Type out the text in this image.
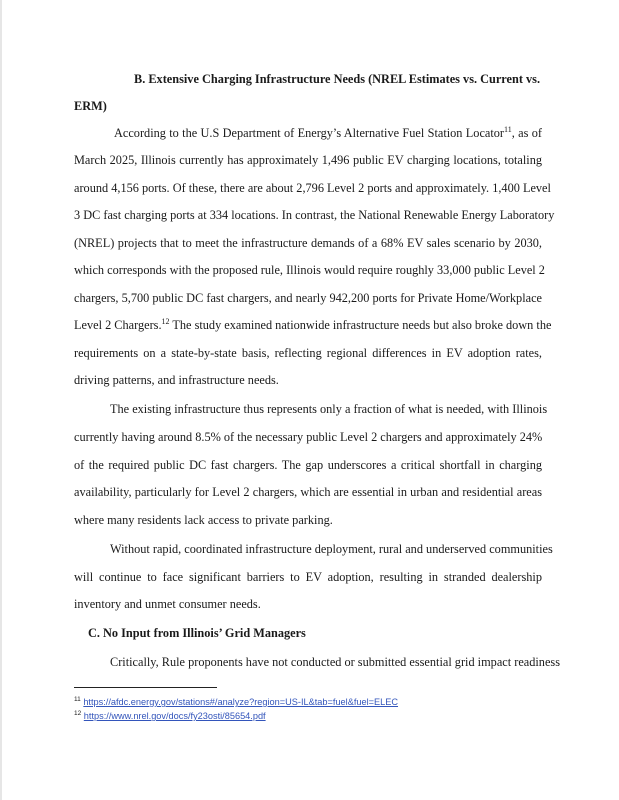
B. Extensive Charging Infrastructure Needs (NREL Estimates vs. Current vs.
ERM)
According to the U.S Department of Energy’s Alternative Fuel Station Locator$^{11}$, as of
March 2025, Illinois currently has approximately 1,496 public EV charging locations, totaling
around 4,156 ports. Of these, there are about 2,796 Level 2 ports and approximately. 1,400 Level
3 DC fast charging ports at 334 locations. In contrast, the National Renewable Energy Laboratory
(NREL) projects that to meet the infrastructure demands of a 68% EV sales scenario by 2030,
which corresponds with the proposed rule, Illinois would require roughly 33,000 public Level 2
chargers, 5,700 public DC fast chargers, and nearly 942,200 ports for Private Home/Workplace
Level 2 Chargers.$^{12}$ The study examined nationwide infrastructure needs but also broke down the
requirements on a state-by-state basis, reflecting regional differences in EV adoption rates,
driving patterns, and infrastructure needs.
The existing infrastructure thus represents only a fraction of what is needed, with Illinois
currently having around 8.5% of the necessary public Level 2 chargers and approximately 24%
of the required public DC fast chargers. The gap underscores a critical shortfall in charging
availability, particularly for Level 2 chargers, which are essential in urban and residential areas
where many residents lack access to private parking.
Without rapid, coordinated infrastructure deployment, rural and underserved communities
will continue to face significant barriers to EV adoption, resulting in stranded dealership
inventory and unmet consumer needs.
C. No Input from Illinois’ Grid Managers
Critically, Rule proponents have not conducted or submitted essential grid impact readiness
$^{11}$ https://afdc.energy.gov/stations#/analyze?region=US-IL&tab=fuel&fuel=ELEC
$^{12}$ https://www.nrel.gov/docs/fy23osti/85654.pdf
